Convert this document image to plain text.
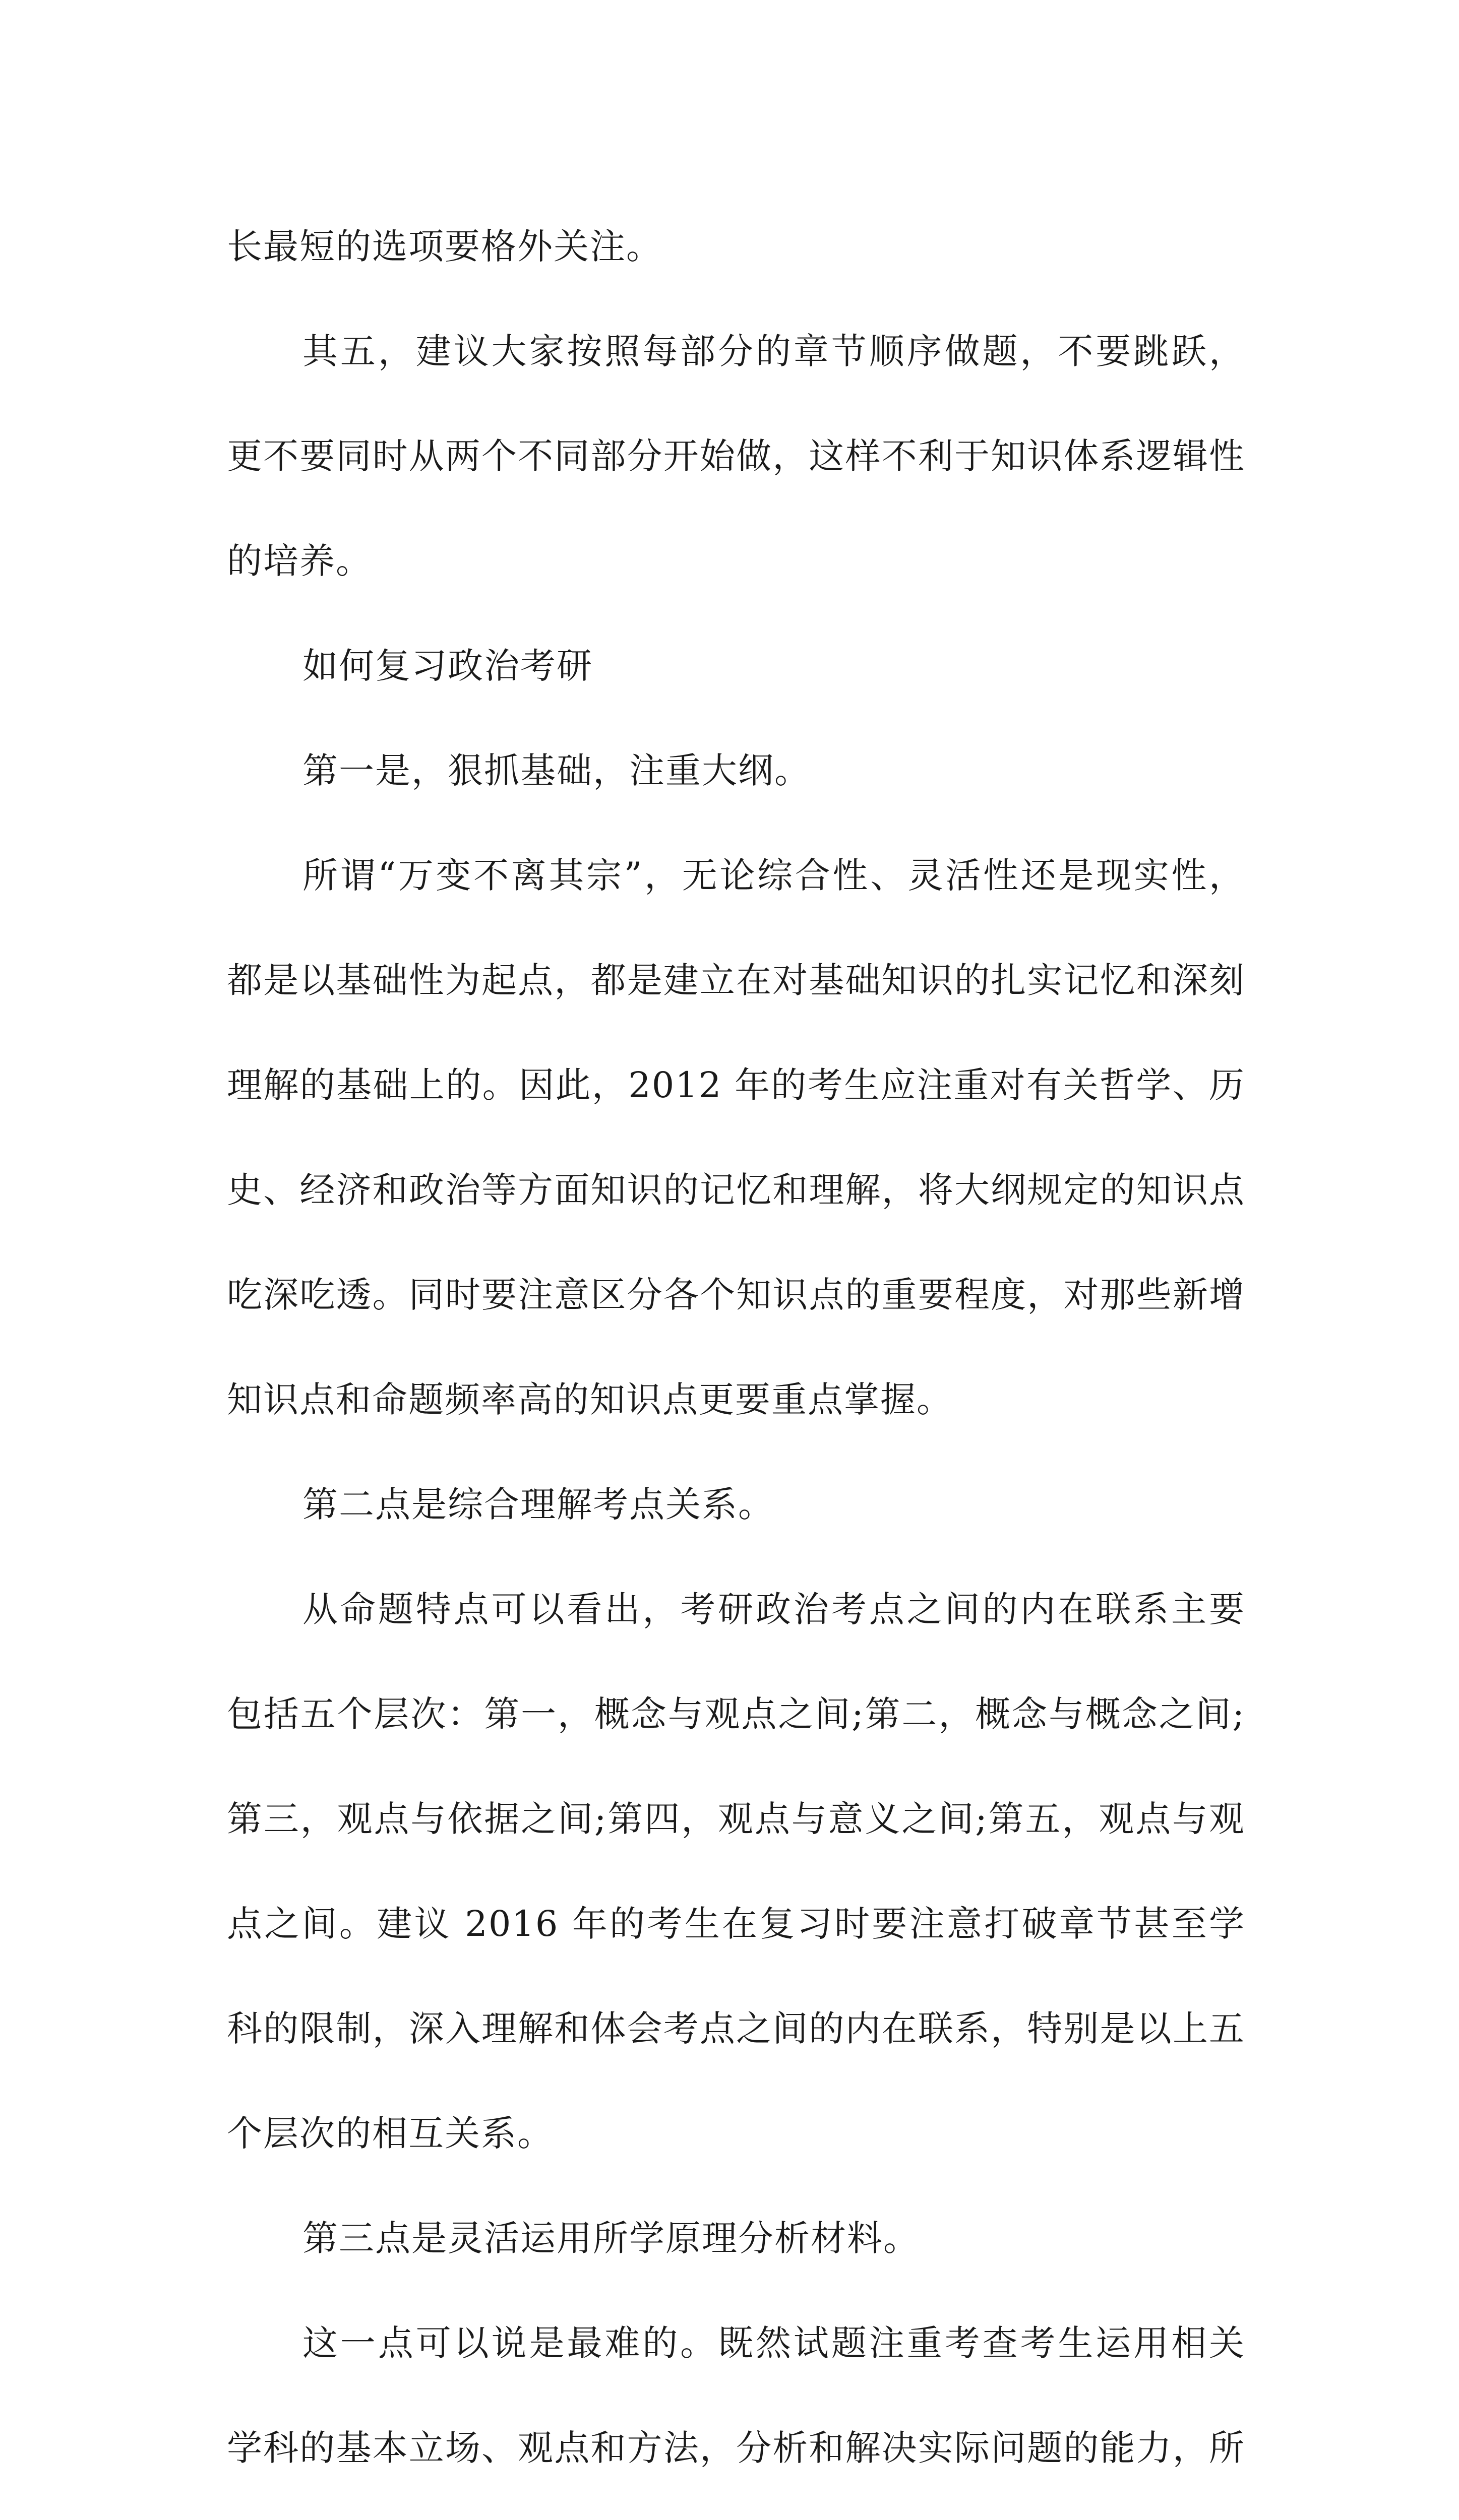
长最短的选项要格外关注。

其五，建议大家按照每部分的章节顺序做题，不要跳跃，更不要同时从两个不同部分开始做，这样不利于知识体系逻辑性的培养。

如何复习政治考研

第一是，狠抓基础，注重大纲。

所谓“万变不离其宗”，无论综合性、灵活性还是现实性，都是以基础性为起点，都是建立在对基础知识的扎实记忆和深刻理解的基础上的。因此，2012 年的考生应注重对有关哲学、历史、经济和政治等方面知识的记忆和理解，将大纲规定的知识点吃深吃透。同时要注意区分各个知识点的重要程度，对那些新增知识点和命题频率高的知识点更要重点掌握。

第二点是综合理解考点关系。

从命题特点可以看出，考研政治考点之间的内在联系主要包括五个层次：第一，概念与观点之间;第二，概念与概念之间;第三，观点与依据之间;第四，观点与意义之间;第五，观点与观点之间。建议 2016 年的考生在复习时要注意打破章节甚至学科的限制，深入理解和体会考点之间的内在联系，特别是以上五个层次的相互关系。

第三点是灵活运用所学原理分析材料。

这一点可以说是最难的。既然试题注重考查考生运用相关学科的基本立场、观点和方法，分析和解决实际问题的能力，所
